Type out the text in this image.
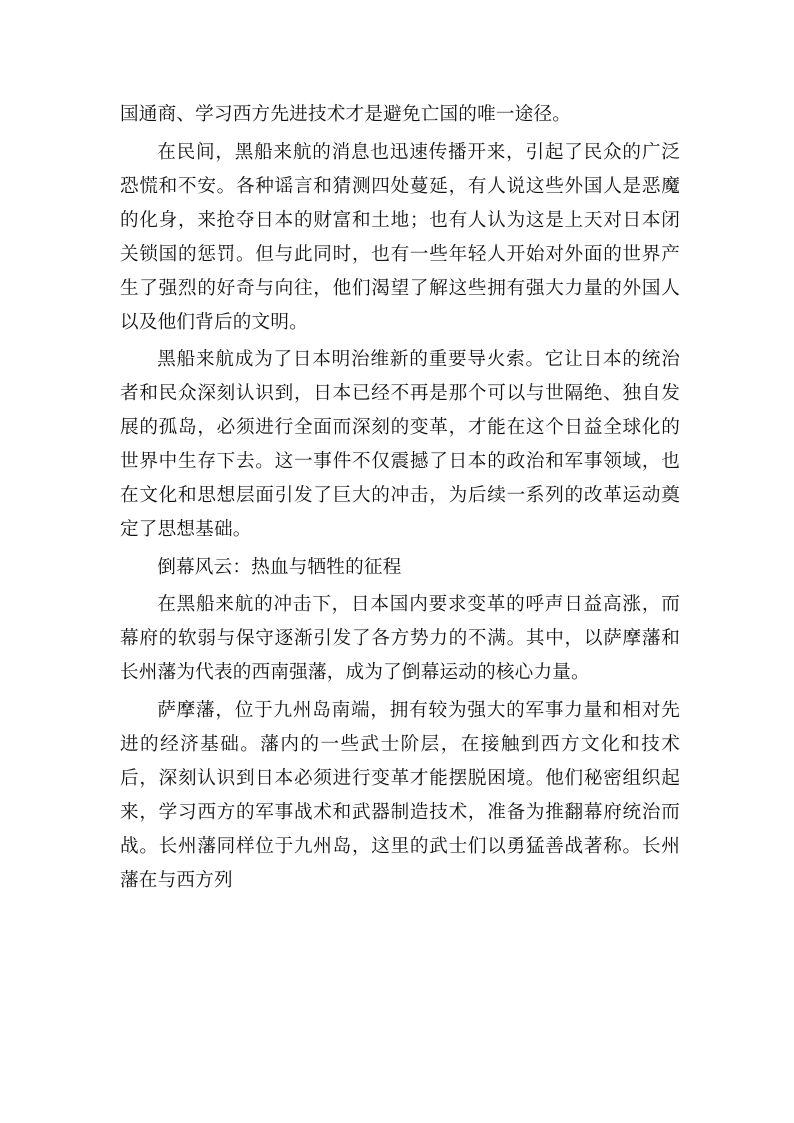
国通商、学习西方先进技术才是避免亡国的唯一途径。

在民间，黑船来航的消息也迅速传播开来，引起了民众的广泛恐慌和不安。各种谣言和猜测四处蔓延，有人说这些外国人是恶魔的化身，来抢夺日本的财富和土地；也有人认为这是上天对日本闭关锁国的惩罚。但与此同时，也有一些年轻人开始对外面的世界产生了强烈的好奇与向往，他们渴望了解这些拥有强大力量的外国人以及他们背后的文明。

黑船来航成为了日本明治维新的重要导火索。它让日本的统治者和民众深刻认识到，日本已经不再是那个可以与世隔绝、独自发展的孤岛，必须进行全面而深刻的变革，才能在这个日益全球化的世界中生存下去。这一事件不仅震撼了日本的政治和军事领域，也在文化和思想层面引发了巨大的冲击，为后续一系列的改革运动奠定了思想基础。

倒幕风云：热血与牺牲的征程

在黑船来航的冲击下，日本国内要求变革的呼声日益高涨，而幕府的软弱与保守逐渐引发了各方势力的不满。其中，以萨摩藩和长州藩为代表的西南强藩，成为了倒幕运动的核心力量。

萨摩藩，位于九州岛南端，拥有较为强大的军事力量和相对先进的经济基础。藩内的一些武士阶层，在接触到西方文化和技术后，深刻认识到日本必须进行变革才能摆脱困境。他们秘密组织起来，学习西方的军事战术和武器制造技术，准备为推翻幕府统治而战。长州藩同样位于九州岛，这里的武士们以勇猛善战著称。长州藩在与西方列
